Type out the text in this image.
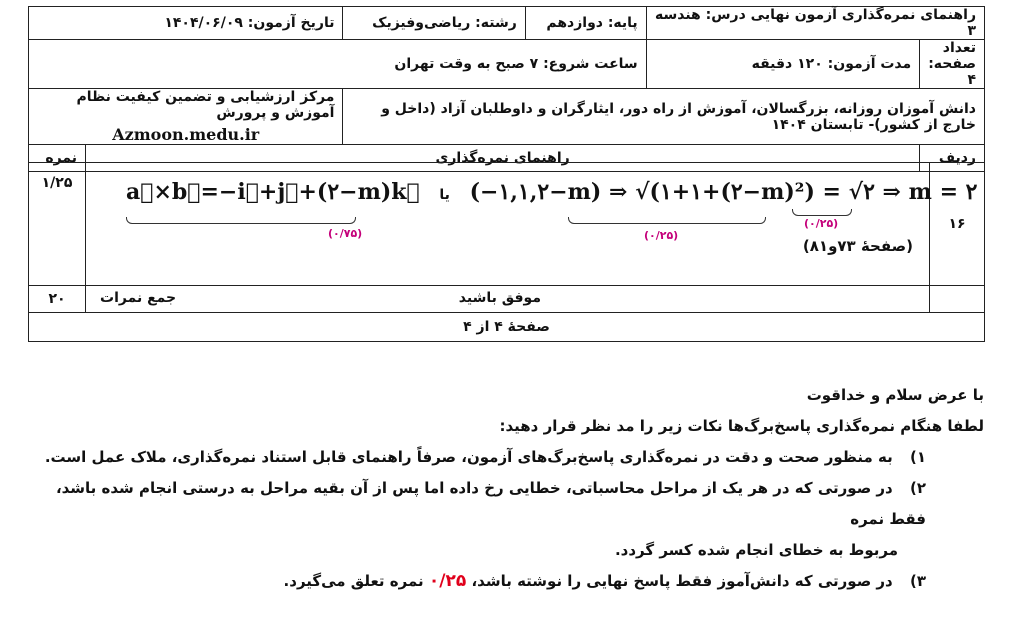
راهنمای نمره‌گذاری آزمون نهایی درس: هندسه ۳		پایه: دوازدهم	رشته: ریاضی‌وفیزیک	تاریخ آزمون: ۱۴۰۴/۰۶/۰۹	
تعداد صفحه: ۴	مدت آزمون: ۱۲۰ دقیقه	ساعت شروع: ۷ صبح به وقت تهران			
دانش آموزان روزانه، بزرگسالان، آموزش از راه دور، ایثارگران و داوطلبان آزاد (داخل و خارج از کشور)- تابستان ۱۴۰۴				مرکز ارزشیابی و تضمین کیفیت نظام آموزش و پرورش
Azmoon.medu.ir	

ردیف	راهنمای نمره‌گذاری				نمره
۱۶	a⃗×b⃗=−i⃗+j⃗+(۲−m)k⃗ یا (−۱,۱,۲−m) ⇒ √(۱+۱+(۲−m)²) = √۲ ⇒ m = ۲
(۰/۷۵) (۰/۲۵)
(۰/۲۵)
(صفحهٔ ۷۳و۸۱)	۱/۲۵

	موفق باشید
جمع نمرات	۲۰
صفحهٔ ۴ از ۴		

با عرض سلام و خداقوت

لطفا هنگام نمره‌گذاری پاسخ‌برگ‌ها نکات زیر را مد نظر قرار دهید:

۱) به منظور صحت و دقت در نمره‌گذاری پاسخ‌برگ‌های آزمون، صرفاً راهنمای قابل استناد نمره‌گذاری، ملاک عمل است.

۲) در صورتی که در هر یک از مراحل محاسباتی، خطایی رخ داده اما پس از آن بقیه مراحل به درستی انجام شده باشد، فقط نمره

مربوط به خطای انجام شده کسر گردد.

۳) در صورتی که دانش‌آموز فقط پاسخ نهایی را نوشته باشد، ۰/۲۵ نمره تعلق می‌گیرد.
